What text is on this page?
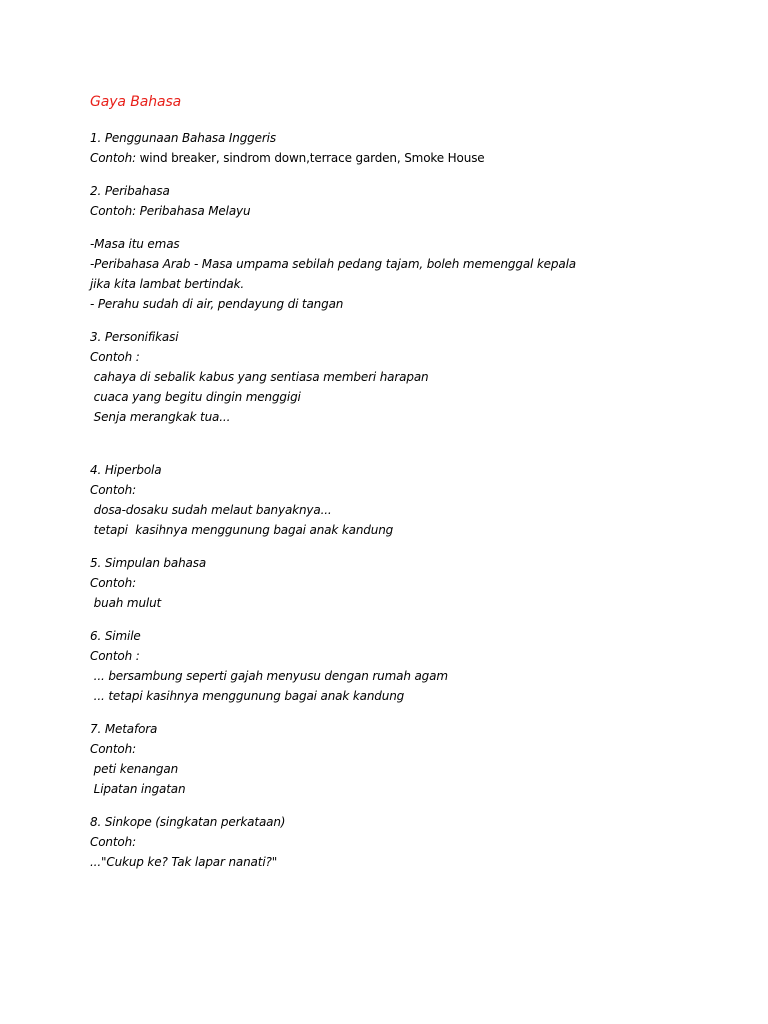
Gaya Bahasa
1. Penggunaan Bahasa Inggeris
Contoh: wind breaker, sindrom down,terrace garden, Smoke House
2. Peribahasa
Contoh: Peribahasa Melayu
-Masa itu emas
-Peribahasa Arab - Masa umpama sebilah pedang tajam, boleh memenggal kepala
jika kita lambat bertindak.
- Perahu sudah di air, pendayung di tangan
3. Personifikasi
Contoh :
cahaya di sebalik kabus yang sentiasa memberi harapan
cuaca yang begitu dingin menggigi
Senja merangkak tua...
4. Hiperbola
Contoh:
dosa-dosaku sudah melaut banyaknya...
tetapi  kasihnya menggunung bagai anak kandung
5. Simpulan bahasa
Contoh:
buah mulut
6. Simile
Contoh :
... bersambung seperti gajah menyusu dengan rumah agam
... tetapi kasihnya menggunung bagai anak kandung
7. Metafora
Contoh:
peti kenangan
Lipatan ingatan
8. Sinkope (singkatan perkataan)
Contoh:
..."Cukup ke? Tak lapar nanati?"
